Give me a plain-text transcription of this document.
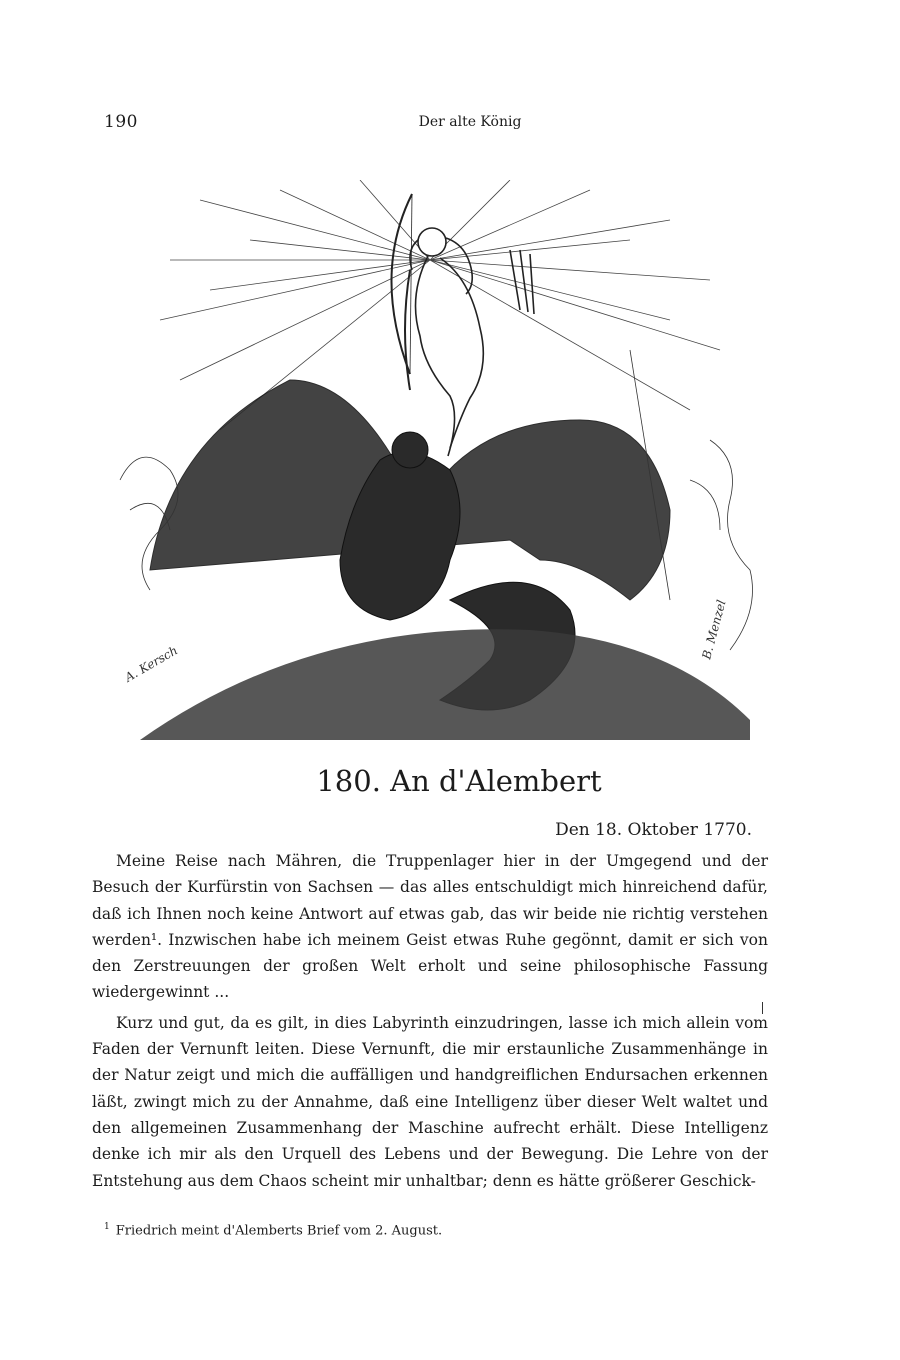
190	Der alte König
A. Kersch
B. Menzel
180. An d'Alembert
Den 18. Oktober 1770.

Meine Reise nach Mähren, die Truppenlager hier in der Umgegend und der Besuch der Kurfürstin von Sachsen — das alles entschuldigt mich hinreichend dafür, daß ich Ihnen noch keine Antwort auf etwas gab, das wir beide nie richtig verstehen werden¹. Inzwischen habe ich meinem Geist etwas Ruhe gegönnt, damit er sich von den Zerstreuungen der großen Welt erholt und seine philosophische Fassung wiedergewinnt ...

Kurz und gut, da es gilt, in dies Labyrinth einzudringen, lasse ich mich allein vom Faden der Vernunft leiten. Diese Vernunft, die mir erstaunliche Zusammenhänge in der Natur zeigt und mich die auffälligen und handgreiflichen Endursachen erkennen läßt, zwingt mich zu der Annahme, daß eine Intelligenz über dieser Welt waltet und den allgemeinen Zusammenhang der Maschine aufrecht erhält. Diese Intelligenz denke ich mir als den Urquell des Lebens und der Bewegung. Die Lehre von der Entstehung aus dem Chaos scheint mir unhaltbar; denn es hätte größerer Geschick-

$^1$ Friedrich meint d'Alemberts Brief vom 2. August.
